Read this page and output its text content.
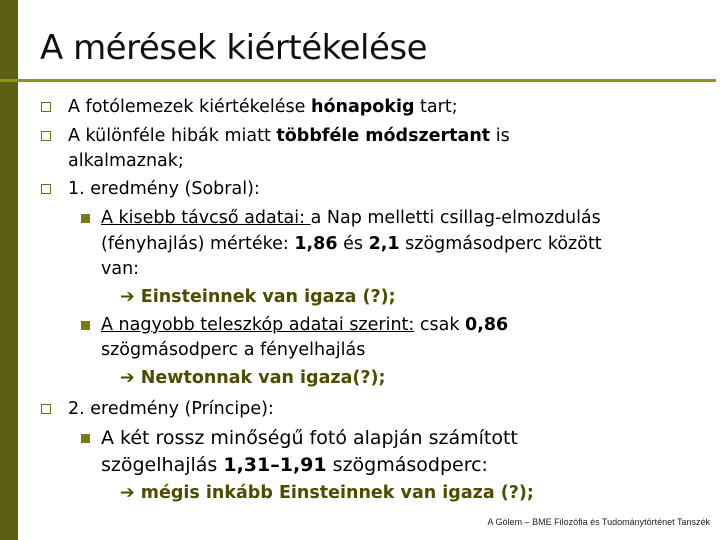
A mérések kiértékelése
A fotólemezek kiértékelése hónapokig tart;
A különféle hibák miatt többféle módszertant is
alkalmaznak;
1. eredmény (Sobral):
A kisebb távcső adatai: a Nap melletti csillag-elmozdulás
(fényhajlás) mértéke: 1,86 és 2,1 szögmásodperc között
van:
➔ Einsteinnek van igaza (?);
A nagyobb teleszkóp adatai szerint: csak 0,86
szögmásodperc a fényelhajlás
➔ Newtonnak van igaza(?);
2. eredmény (Príncipe):
A két rossz minőségű fotó alapján számított
szögelhajlás 1,31–1,91 szögmásodperc:
➔ mégis inkább Einsteinnek van igaza (?);
A Gólem – BME Filozófia és Tudománytörténet Tanszék
